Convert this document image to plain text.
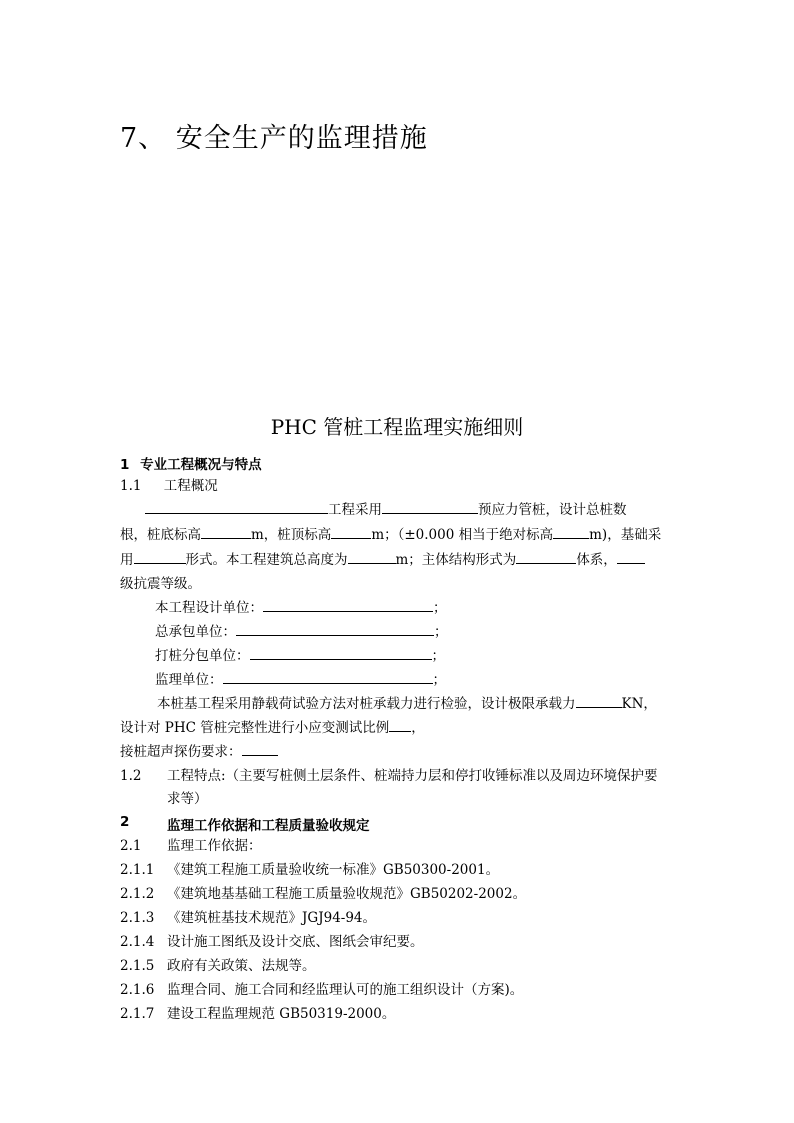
7、 安全生产的监理措施
PHC 管桩工程监理实施细则
1 专业工程概况与特点
1.1 工程概况
工程采用	预应力管桩，设计总桩数
根，桩底标高	m，桩顶标高	m；（±0.000 相当于绝对标高	m)，基础采
用	形式。本工程建筑总高度为	m；主体结构形式为	体系，
级抗震等级。
本工程设计单位：	；
总承包单位：	；
打桩分包单位：	；
监理单位：	；
本桩基工程采用静载荷试验方法对桩承载力进行检验，设计极限承载力	KN，
设计对 PHC 管桩完整性进行小应变测试比例 ，
接桩超声探伤要求：
1.2 工程特点:（主要写桩侧土层条件、桩端持力层和停打收锤标准以及周边环境保护要
求等）
2	监理工作依据和工程质量验收规定
2.1 监理工作依据：
2.1.1 《建筑工程施工质量验收统一标准》GB50300-2001。
2.1.2 《建筑地基基础工程施工质量验收规范》GB50202-2002。
2.1.3 《建筑桩基技术规范》JGJ94-94。
2.1.4 设计施工图纸及设计交底、图纸会审纪要。
2.1.5 政府有关政策、法规等。
2.1.6 监理合同、施工合同和经监理认可的施工组织设计（方案)。
2.1.7 建设工程监理规范 GB50319-2000。
